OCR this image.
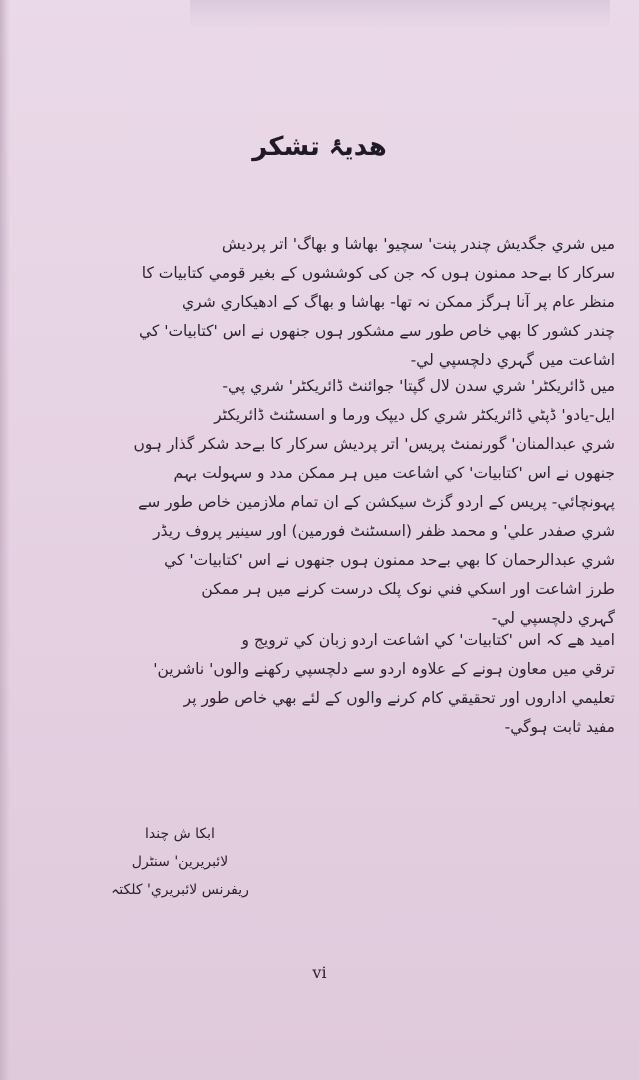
هدیۂ تشکر
میں شري جگدیش چندر پنت' سچیو' بھاشا و بھاگ' اتر پردیش
سرکار کا بےحد ممنون ہوں کہ جن کی کوششوں کے بغیر قومي کتابیات کا
منظر عام پر آنا ہرگز ممکن نہ تھا- بھاشا و بھاگ کے ادھیکاري شري
چندر کشور کا بھي خاص طور سے مشکور ہوں جنھوں نے اس 'کتابیات' کي
اشاعت میں گہري دلچسپي لي-
میں ڈائریکٹر' شري سدن لال گپتا' جوائنٹ ڈائریکٹر' شري پي-
ایل-یادو' ڈپٹي ڈائریکٹر شري کل دیپک ورما و اسسٹنٹ ڈائریکٹر
شري عبدالمنان' گورنمنٹ پریس' اتر پردیش سرکار کا بےحد شکر گذار ہوں
جنھوں نے اس 'کتابیات' کي اشاعت میں ہر ممکن مدد و سہولت بہم
پہونچائي- پریس کے اردو گزٹ سیکشن کے ان تمام ملازمین خاص طور سے
شري صفدر علي' و محمد ظفر (اسسٹنٹ فورمین) اور سینیر پروف ریڈر
شري عبدالرحمان کا بھي بےحد ممنون ہوں جنھوں نے اس 'کتابیات' کي
طرز اشاعت اور اسکي فني نوک پلک درست کرنے میں ہر ممکن
گہري دلچسپي لي-
امید ھے کہ اس 'کتابیات' کي اشاعت اردو زبان کي ترویج و
ترقي میں معاون ہونے کے علاوہ اردو سے دلچسپي رکھنے والوں' ناشرین'
تعلیمي اداروں اور تحقیقي کام کرنے والوں کے لئے بھي خاص طور پر
مفید ثابت ہوگي-
ابکا ش چندا
لائبریرین' سنٹرل
ریفرنس لائبریري' کلکتہ
vi
